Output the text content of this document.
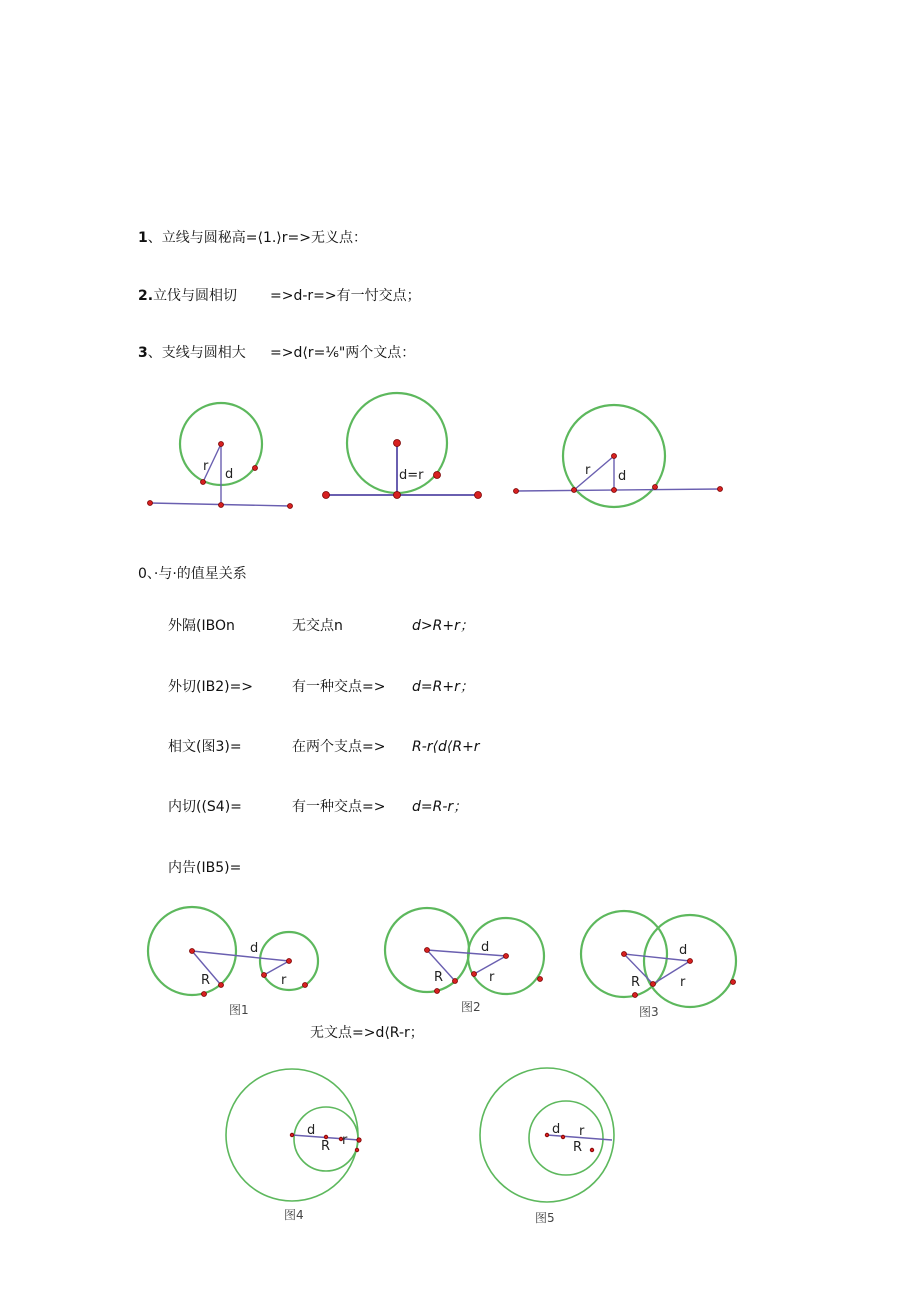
1、立线与圆秘高=⟨1.⟩r=>无义点：
2.立伐与圆相切 =>d-r=>有一忖交点；
3、支线与圆相大 =>d⟨r=⅙"两个文点：
0、·与·的值星关系
外隔(IBOn	无交点n	d>R+r；
外切(IB2)=>	有一种交点=> d=R+r；
相文(图3)=	在两个支点=> R-r⟨d⟨R+r
内切((S4)=	有一种交点=> d=R-r；
内告(IB5)=
无文点=>d⟨R-r；
r
d	d=r	r d
d
R	r
图1
d
R	r
图2
d
R	r
图3
d
r
R
图4
d r
R
图5
